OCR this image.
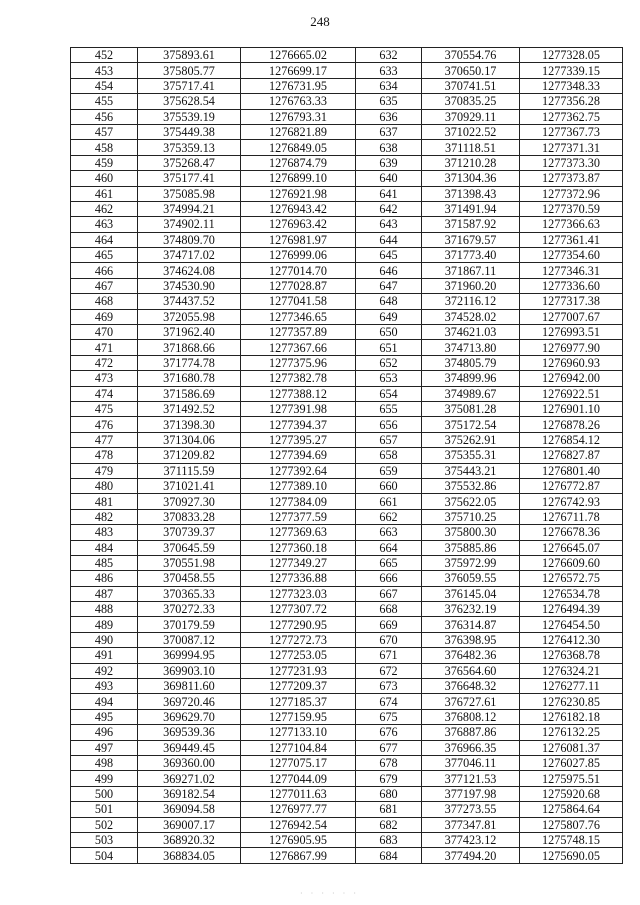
248
452	375893.61	1276665.02	632	370554.76	1277328.05
453	375805.77	1276699.17	633	370650.17	1277339.15
454	375717.41	1276731.95	634	370741.51	1277348.33
455	375628.54	1276763.33	635	370835.25	1277356.28
456	375539.19	1276793.31	636	370929.11	1277362.75
457	375449.38	1276821.89	637	371022.52	1277367.73
458	375359.13	1276849.05	638	371118.51	1277371.31
459	375268.47	1276874.79	639	371210.28	1277373.30
460	375177.41	1276899.10	640	371304.36	1277373.87
461	375085.98	1276921.98	641	371398.43	1277372.96
462	374994.21	1276943.42	642	371491.94	1277370.59
463	374902.11	1276963.42	643	371587.92	1277366.63
464	374809.70	1276981.97	644	371679.57	1277361.41
465	374717.02	1276999.06	645	371773.40	1277354.60
466	374624.08	1277014.70	646	371867.11	1277346.31
467	374530.90	1277028.87	647	371960.20	1277336.60
468	374437.52	1277041.58	648	372116.12	1277317.38
469	372055.98	1277346.65	649	374528.02	1277007.67
470	371962.40	1277357.89	650	374621.03	1276993.51
471	371868.66	1277367.66	651	374713.80	1276977.90
472	371774.78	1277375.96	652	374805.79	1276960.93
473	371680.78	1277382.78	653	374899.96	1276942.00
474	371586.69	1277388.12	654	374989.67	1276922.51
475	371492.52	1277391.98	655	375081.28	1276901.10
476	371398.30	1277394.37	656	375172.54	1276878.26
477	371304.06	1277395.27	657	375262.91	1276854.12
478	371209.82	1277394.69	658	375355.31	1276827.87
479	371115.59	1277392.64	659	375443.21	1276801.40
480	371021.41	1277389.10	660	375532.86	1276772.87
481	370927.30	1277384.09	661	375622.05	1276742.93
482	370833.28	1277377.59	662	375710.25	1276711.78
483	370739.37	1277369.63	663	375800.30	1276678.36
484	370645.59	1277360.18	664	375885.86	1276645.07
485	370551.98	1277349.27	665	375972.99	1276609.60
486	370458.55	1277336.88	666	376059.55	1276572.75
487	370365.33	1277323.03	667	376145.04	1276534.78
488	370272.33	1277307.72	668	376232.19	1276494.39
489	370179.59	1277290.95	669	376314.87	1276454.50
490	370087.12	1277272.73	670	376398.95	1276412.30
491	369994.95	1277253.05	671	376482.36	1276368.78
492	369903.10	1277231.93	672	376564.60	1276324.21
493	369811.60	1277209.37	673	376648.32	1276277.11
494	369720.46	1277185.37	674	376727.61	1276230.85
495	369629.70	1277159.95	675	376808.12	1276182.18
496	369539.36	1277133.10	676	376887.86	1276132.25
497	369449.45	1277104.84	677	376966.35	1276081.37
498	369360.00	1277075.17	678	377046.11	1276027.85
499	369271.02	1277044.09	679	377121.53	1275975.51
500	369182.54	1277011.63	680	377197.98	1275920.68
501	369094.58	1276977.77	681	377273.55	1275864.64
502	369007.17	1276942.54	682	377347.81	1275807.76
503	368920.32	1276905.95	683	377423.12	1275748.15
504	368834.05	1276867.99	684	377494.20	1275690.05
· · · · · ·
